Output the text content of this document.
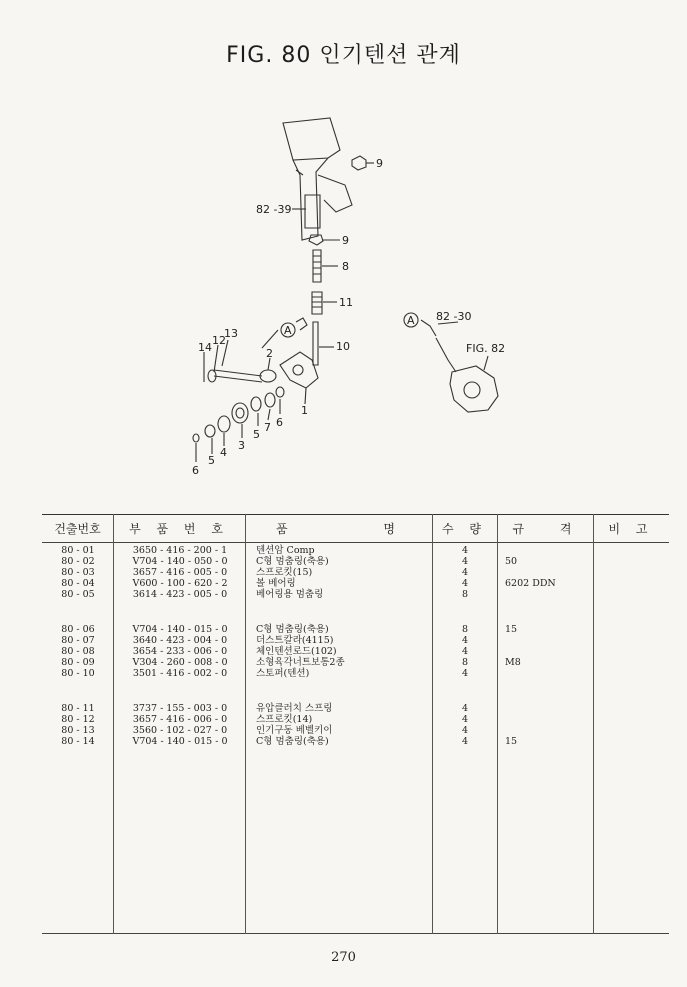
FIG. 80 인기텐션 관계
9
82 -39
9
8
11
10
A
1
2
14
12
13
6
7
5
3
4
5
6
A 82 -30
FIG. 82
건출번호	부 품 번 호	품 명	수 량	규 격	비 고
80 - 01	3650 - 416 - 200 - 1	텐션암 Comp	4
80 - 02	V704 - 140 - 050 - 0	C형 멈춤링(축용)	4	50
80 - 03	3657 - 416 - 005 - 0	스프로킷(15)	4
80 - 04	V600 - 100 - 620 - 2	볼 베어링	4	6202 DDN
80 - 05	3614 - 423 - 005 - 0	베어링용 멈춤링	8
80 - 06	V704 - 140 - 015 - 0	C형 멈춤링(축용)	8	15
80 - 07	3640 - 423 - 004 - 0	더스트칼라(4115)	4
80 - 08	3654 - 233 - 006 - 0	체인텐션로드(102)	4
80 - 09	V304 - 260 - 008 - 0	소형육각너트보통2종	8	M8
80 - 10	3501 - 416 - 002 - 0	스토퍼(텐션)	4
80 - 11	3737 - 155 - 003 - 0	유압클러치 스프링	4
80 - 12	3657 - 416 - 006 - 0	스프로킷(14)	4
80 - 13	3560 - 102 - 027 - 0	인기구동 베벨키이	4
80 - 14	V704 - 140 - 015 - 0	C형 멈춤링(축용)	4	15
270
